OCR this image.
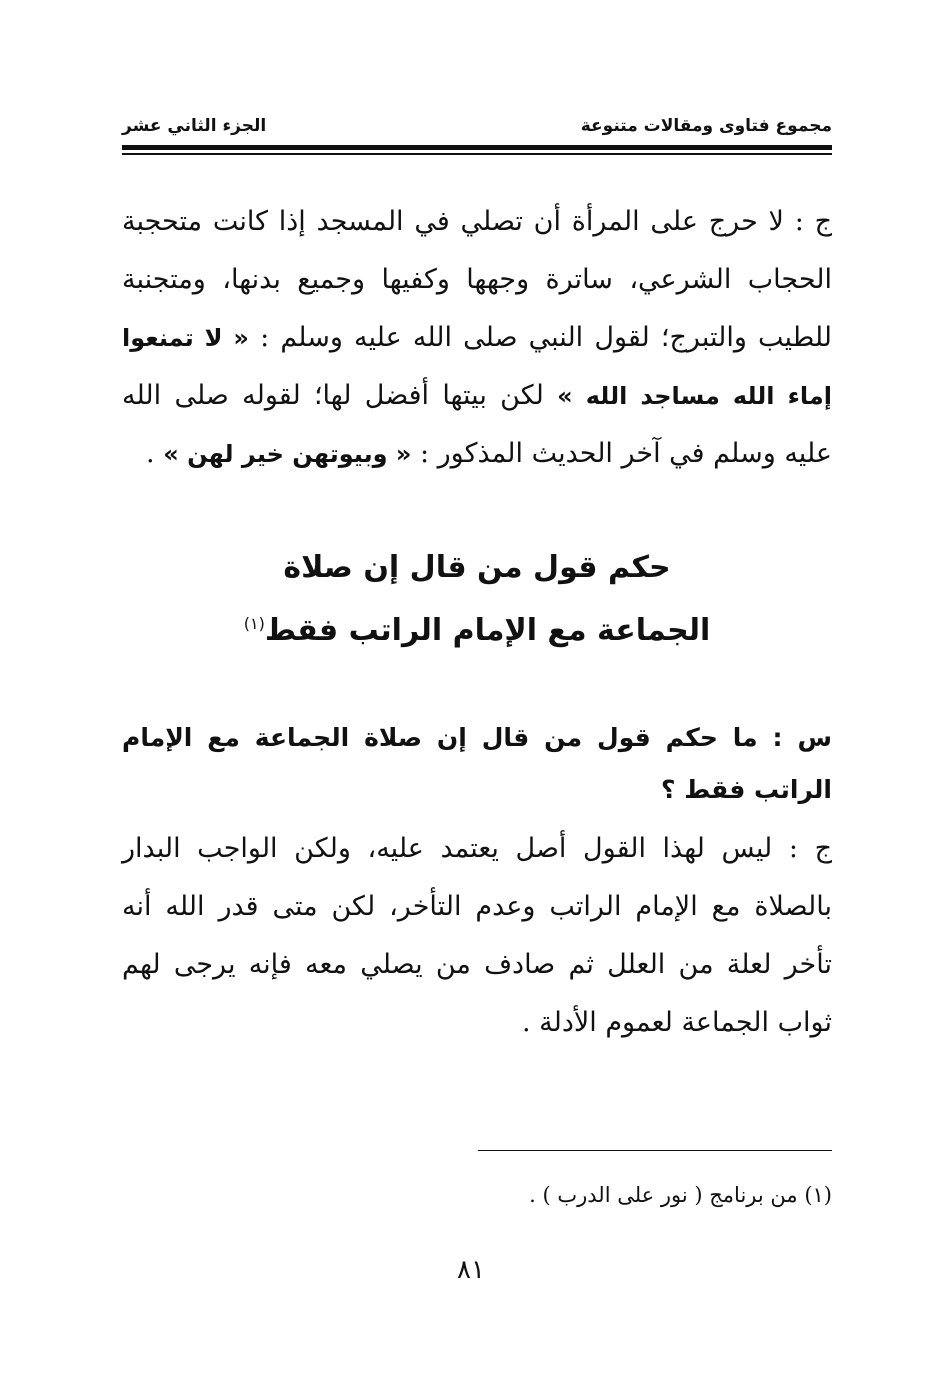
مجموع فتاوى ومقالات متنوعة
الجزء الثاني عشر
ج : لا حرج على المرأة أن تصلي في المسجد إذا كانت متحجبة الحجاب الشرعي، ساترة وجهها وكفيها وجميع بدنها، ومتجنبة للطيب والتبرج؛ لقول النبي صلى الله عليه وسلم : « لا تمنعوا إماء الله مساجد الله » لكن بيتها أفضل لها؛ لقوله صلى الله عليه وسلم في آخر الحديث المذكور : « وبيوتهن خير لهن » .
حكم قول من قال إن صلاة
الجماعة مع الإمام الراتب فقط$^{(١)}$
س : ما حكم قول من قال إن صلاة الجماعة مع الإمام الراتب فقط ؟
ج : ليس لهذا القول أصل يعتمد عليه، ولكن الواجب البدار بالصلاة مع الإمام الراتب وعدم التأخر، لكن متى قدر الله أنه تأخر لعلة من العلل ثم صادف من يصلي معه فإنه يرجى لهم ثواب الجماعة لعموم الأدلة .
(١) من برنامج ( نور على الدرب ) .
٨١
